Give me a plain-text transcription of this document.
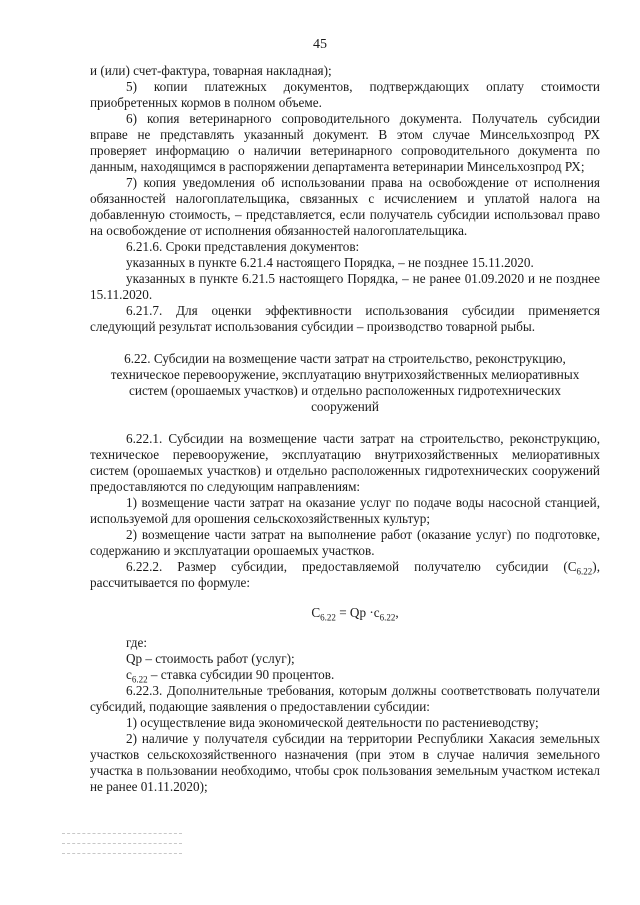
45

и (или) счет-фактура, товарная накладная);

5) копии платежных документов, подтверждающих оплату стоимости приобретенных кормов в полном объеме.

6) копия ветеринарного сопроводительного документа. Получатель субсидии вправе не представлять указанный документ. В этом случае Минсельхозпрод РХ проверяет информацию о наличии ветеринарного сопроводительного документа по данным, находящимся в распоряжении департамента ветеринарии Минсельхозпрод РХ;

7) копия уведомления об использовании права на освобождение от исполнения обязанностей налогоплательщика, связанных с исчислением и уплатой налога на добавленную стоимость, – представляется, если получатель субсидии использовал право на освобождение от исполнения обязанностей налогоплательщика.

6.21.6. Сроки представления документов:

указанных в пункте 6.21.4 настоящего Порядка, – не позднее 15.11.2020.

указанных в пункте 6.21.5 настоящего Порядка, – не ранее 01.09.2020 и не позднее 15.11.2020.

6.21.7. Для оценки эффективности использования субсидии применяется следующий результат использования субсидии – производство товарной рыбы.

6.22. Субсидии на возмещение части затрат на строительство, реконструкцию, техническое перевооружение, эксплуатацию внутрихозяйственных мелиоративных систем (орошаемых участков) и отдельно расположенных гидротехнических сооружений

6.22.1. Субсидии на возмещение части затрат на строительство, реконструкцию, техническое перевооружение, эксплуатацию внутрихозяйственных мелиоративных систем (орошаемых участков) и отдельно расположенных гидротехнических сооружений предоставляются по следующим направлениям:

1) возмещение части затрат на оказание услуг по подаче воды насосной станцией, используемой для орошения сельскохозяйственных культур;

2) возмещение части затрат на выполнение работ (оказание услуг) по подготовке, содержанию и эксплуатации орошаемых участков.

6.22.2. Размер субсидии, предоставляемой получателю субсидии $(С_{6.22})$, рассчитывается по формуле:

$С_{6.22}$ = Qр $\cdot с_{6.22}$,

где:

Qр – стоимость работ (услуг);

$с_{6.22}$ – ставка субсидии 90 процентов.

6.22.3. Дополнительные требования, которым должны соответствовать получатели субсидий, подающие заявления о предоставлении субсидии:

1) осуществление вида экономической деятельности по растениеводству;

2) наличие у получателя субсидии на территории Республики Хакасия земельных участков сельскохозяйственного назначения (при этом в случае наличия земельного участка в пользовании необходимо, чтобы срок пользования земельным участком истекал не ранее 01.11.2020);
